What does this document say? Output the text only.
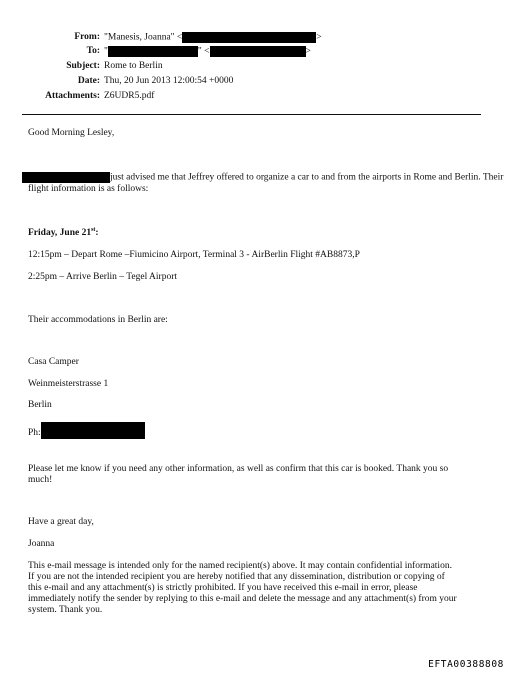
From: "Manesis, Joanna" <	>
To: "	" <	>
Subject: Rome to Berlin
Date: Thu, 20 Jun 2013 12:00:54 +0000
Attachments: Z6UDR5.pdf
Good Morning Lesley,
just advised me that Jeffrey offered to organize a car to and from the airports in Rome and Berlin. Their
flight information is as follows:
Friday, June 21st:
12:15pm – Depart Rome –Fiumicino Airport, Terminal 3 - AirBerlin Flight #AB8873,P
2:25pm – Arrive Berlin – Tegel Airport
Their accommodations in Berlin are:
Casa Camper
Weinmeisterstrasse 1
Berlin
Ph:
Please let me know if you need any other information, as well as confirm that this car is booked. Thank you so
much!
Have a great day,
Joanna
This e-mail message is intended only for the named recipient(s) above. It may contain confidential information.
If you are not the intended recipient you are hereby notified that any dissemination, distribution or copying of
this e-mail and any attachment(s) is strictly prohibited. If you have received this e-mail in error, please
immediately notify the sender by replying to this e-mail and delete the message and any attachment(s) from your
system. Thank you.
EFTA00388808
